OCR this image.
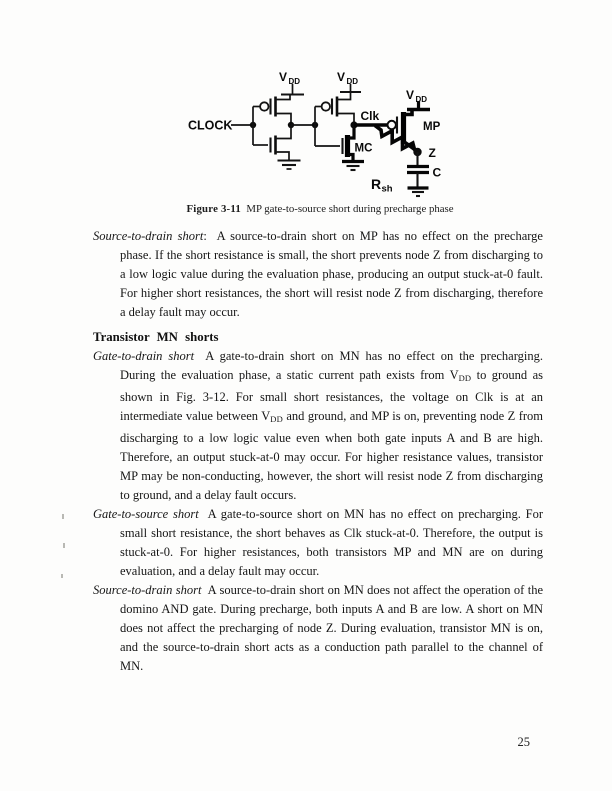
CLOCK
V DD	V DD
V DD
Clk
MC
MP
Z
R sh
C
Figure 3-11  MP gate-to-source short during precharge phase

Source-to-drain short:  A source-to-drain short on MP has no effect on the precharge phase. If the short resistance is small, the short prevents node Z from discharging to a low logic value during the evaluation phase, producing an output stuck-at-0 fault. For higher short resistances, the short will resist node Z from discharging, therefore a delay fault may occur.

Transistor MN shorts

Gate-to-drain short  A gate-to-drain short on MN has no effect on the precharging. During the evaluation phase, a static current path exists from VDD to ground as shown in Fig. 3-12. For small short resistances, the voltage on Clk is at an intermediate value between VDD and ground, and MP is on, preventing node Z from discharging to a low logic value even when both gate inputs A and B are high. Therefore, an output stuck-at-0 may occur. For higher resistance values, transistor MP may be non-conducting, however, the short will resist node Z from discharging to ground, and a delay fault occurs.

Gate-to-source short  A gate-to-source short on MN has no effect on precharging. For small short resistance, the short behaves as Clk stuck-at-0. Therefore, the output is stuck-at-0. For higher resistances, both transistors MP and MN are on during evaluation, and a delay fault may occur.

Source-to-drain short  A source-to-drain short on MN does not affect the operation of the domino AND gate. During precharge, both inputs A and B are low. A short on MN does not affect the precharging of node Z. During evaluation, transistor MN is on, and the source-to-drain short acts as a conduction path parallel to the channel of MN.

25
